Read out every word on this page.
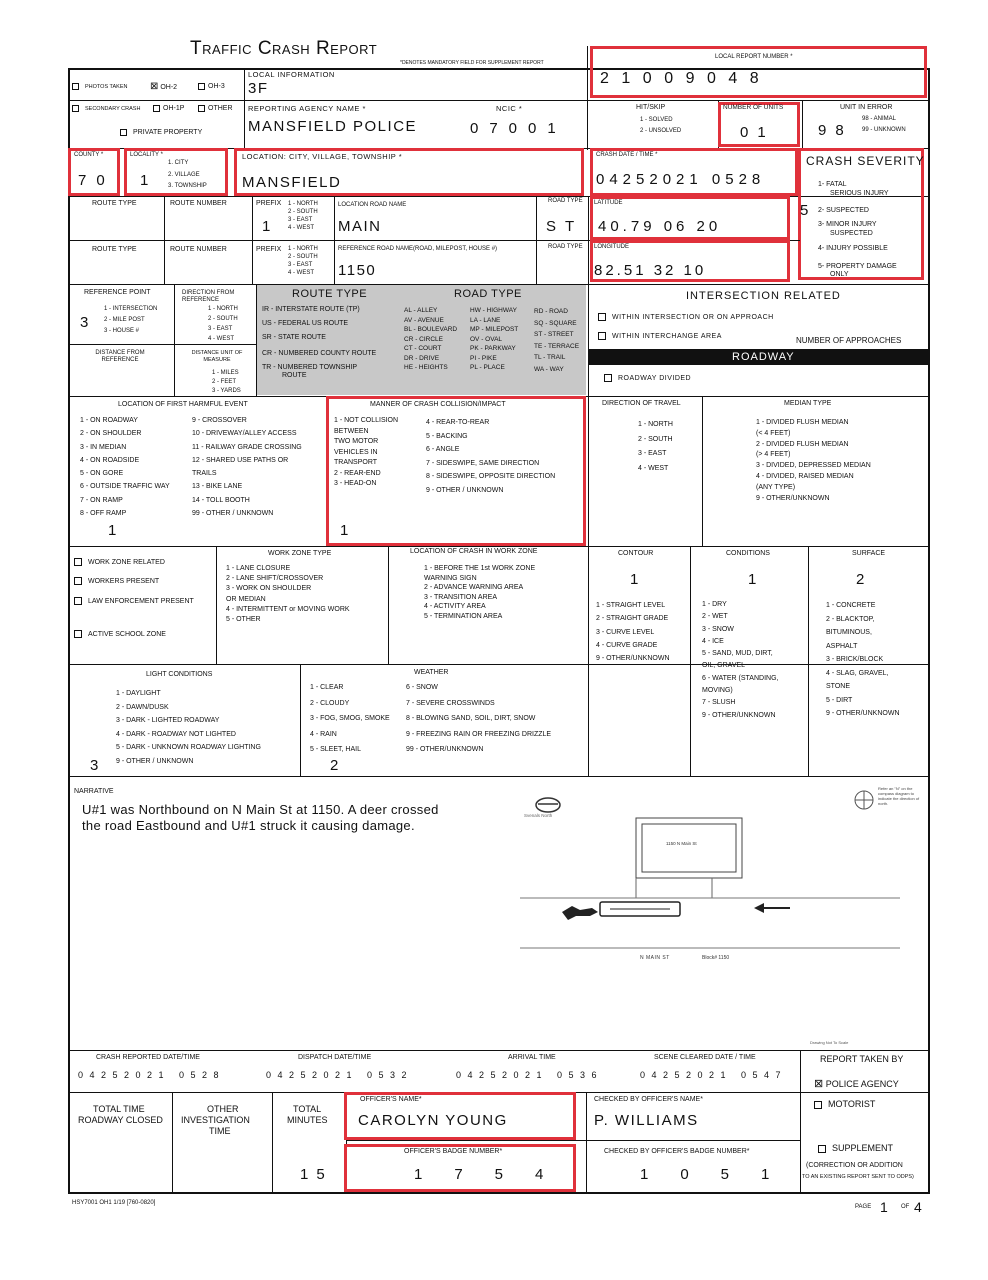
Traffic Crash Report
*DENOTES MANDATORY FIELD FOR SUPPLEMENT REPORT
PHOTOS TAKEN ⊠ OH-2	OH-3
SECONDARY CRASH	OH-1P	OTHER
PRIVATE PROPERTY
LOCAL INFORMATION
3F
REPORTING AGENCY NAME *
MANSFIELD POLICE
NCIC *
07001
LOCAL REPORT NUMBER *
21009048
HIT/SKIP
1 - SOLVED
2 - UNSOLVED
NUMBER OF UNITS
01
UNIT IN ERROR
98 - ANIMAL
99 - UNKNOWN
98
COUNTY *
70
LOCALITY *
1
1. CITY
2. VILLAGE
3. TOWNSHIP
LOCATION: CITY, VILLAGE, TOWNSHIP *
MANSFIELD
CRASH DATE / TIME *
04252021 0528
CRASH SEVERITY
5
1- FATAL
SERIOUS INJURY
2- SUSPECTED
3- MINOR INJURY
SUSPECTED
4- INJURY POSSIBLE
5- PROPERTY DAMAGE
ONLY
ROUTE TYPE	ROUTE NUMBER	PREFIX 1 - NORTH
2 - SOUTH
3 - EAST
4 - WEST
1
LOCATION ROAD NAME
MAIN
ROAD TYPE
ST
LATITUDE
40.79 06 20
ROUTE TYPE	ROUTE NUMBER	PREFIX 1 - NORTH
2 - SOUTH
3 - EAST
4 - WEST
REFERENCE ROAD NAME(ROAD, MILEPOST, HOUSE #)
1150
ROAD TYPE LONGITUDE
82.51 32 10
REFERENCE POINT
1 - INTERSECTION
2 - MILE POST
3 - HOUSE #
3
DIRECTION FROM REFERENCE
1 - NORTH
2 - SOUTH
3 - EAST
4 - WEST
DISTANCE FROM REFERENCE
DISTANCE UNIT OF MEASURE
1 - MILES
2 - FEET
3 - YARDS
ROUTE TYPE
IR - INTERSTATE ROUTE (TP)
US - FEDERAL US ROUTE
SR - STATE ROUTE
CR - NUMBERED COUNTY ROUTE
TR - NUMBERED TOWNSHIP
ROUTE
ROAD TYPE
AL - ALLEY
AV - AVENUE
BL - BOULEVARD
CR - CIRCLE
CT - COURT
DR - DRIVE
HE - HEIGHTS
HW - HIGHWAY
LA - LANE
MP - MILEPOST
OV - OVAL
PK - PARKWAY
PI - PIKE
PL - PLACE
RD - ROAD
SQ - SQUARE
ST - STREET
TE - TERRACE
TL - TRAIL
WA - WAY
INTERSECTION RELATED
WITHIN INTERSECTION OR ON APPROACH
WITHIN INTERCHANGE AREA	NUMBER OF APPROACHES
ROADWAY
ROADWAY DIVIDED
LOCATION OF FIRST HARMFUL EVENT
1 - ON ROADWAY
2 - ON SHOULDER
3 - IN MEDIAN
4 - ON ROADSIDE
5 - ON GORE
6 - OUTSIDE TRAFFIC WAY
7 - ON RAMP
8 - OFF RAMP
9 - CROSSOVER
10 - DRIVEWAY/ALLEY ACCESS
11 - RAILWAY GRADE CROSSING
12 - SHARED USE PATHS OR
TRAILS
13 - BIKE LANE
14 - TOLL BOOTH
99 - OTHER / UNKNOWN
1
MANNER OF CRASH COLLISION/IMPACT
1 - NOT COLLISION
BETWEEN
TWO MOTOR
VEHICLES IN
TRANSPORT
2 - REAR-END
3 - HEAD-ON
4 - REAR-TO-REAR
5 - BACKING
6 - ANGLE
7 - SIDESWIPE, SAME DIRECTION
8 - SIDESWIPE, OPPOSITE DIRECTION
9 - OTHER / UNKNOWN
1
DIRECTION OF TRAVEL
1 - NORTH
2 - SOUTH
3 - EAST
4 - WEST
MEDIAN TYPE
1 - DIVIDED FLUSH MEDIAN
(< 4 FEET)
2 - DIVIDED FLUSH MEDIAN
(> 4 FEET)
3 - DIVIDED, DEPRESSED MEDIAN
4 - DIVIDED, RAISED MEDIAN
(ANY TYPE)
9 - OTHER/UNKNOWN
WORK ZONE RELATED
WORKERS PRESENT
LAW ENFORCEMENT PRESENT
ACTIVE SCHOOL ZONE
WORK ZONE TYPE
1 - LANE CLOSURE
2 - LANE SHIFT/CROSSOVER
3 - WORK ON SHOULDER
OR MEDIAN
4 - INTERMITTENT or MOVING WORK
5 - OTHER
LOCATION OF CRASH IN WORK ZONE
1 - BEFORE THE 1st WORK ZONE
WARNING SIGN
2 - ADVANCE WARNING AREA
3 - TRANSITION AREA
4 - ACTIVITY AREA
5 - TERMINATION AREA
CONTOUR
1
1 - STRAIGHT LEVEL
2 - STRAIGHT GRADE
3 - CURVE LEVEL
4 - CURVE GRADE
9 - OTHER/UNKNOWN
CONDITIONS
1
1 - DRY
2 - WET
3 - SNOW
4 - ICE
5 - SAND, MUD, DIRT,
OIL, GRAVEL
6 - WATER (STANDING,
MOVING)
7 - SLUSH
9 - OTHER/UNKNOWN
SURFACE
2
1 - CONCRETE
2 - BLACKTOP,
BITUMINOUS,
ASPHALT
3 - BRICK/BLOCK
4 - SLAG, GRAVEL,
STONE
5 - DIRT
9 - OTHER/UNKNOWN
LIGHT CONDITIONS
1 - DAYLIGHT
2 - DAWN/DUSK
3 - DARK - LIGHTED ROADWAY
4 - DARK - ROADWAY NOT LIGHTED
5 - DARK - UNKNOWN ROADWAY LIGHTING
9 - OTHER / UNKNOWN
3
WEATHER
1 - CLEAR
2 - CLOUDY
3 - FOG, SMOG, SMOKE
4 - RAIN
5 - SLEET, HAIL
6 - SNOW
7 - SEVERE CROSSWINDS
8 - BLOWING SAND, SOIL, DIRT, SNOW
9 - FREEZING RAIN OR FREEZING DRIZZLE
99 - OTHER/UNKNOWN
2
NARRATIVE
U#1 was Northbound on N Main St at 1150. A deer crossed
the road Eastbound and U#1 struck it causing damage.
Refer an "N" on the compass diagram to indicate the direction of north.
Svenals North
1150 N Main St
N MAIN ST	Block# 1150
Drawing Not To Scale
CRASH REPORTED DATE/TIME
04252021 0528
DISPATCH DATE/TIME
04252021 0532
ARRIVAL TIME
04252021 0536
SCENE CLEARED DATE / TIME
04252021 0547
REPORT TAKEN BY
⊠ POLICE AGENCY
MOTORIST
TOTAL TIME
ROADWAY CLOSED
OTHER
INVESTIGATION
TIME
TOTAL
MINUTES
15
OFFICER'S NAME*
CAROLYN YOUNG
CHECKED BY OFFICER'S NAME*
P. WILLIAMS
OFFICER'S BADGE NUMBER*
1754
CHECKED BY OFFICER'S BADGE NUMBER*
1051
SUPPLEMENT
(CORRECTION OR ADDITION
TO AN EXISTING REPORT SENT TO ODPS)
HSY7001 OH1 1/19 [760-0820]
PAGE 1 OF 4
